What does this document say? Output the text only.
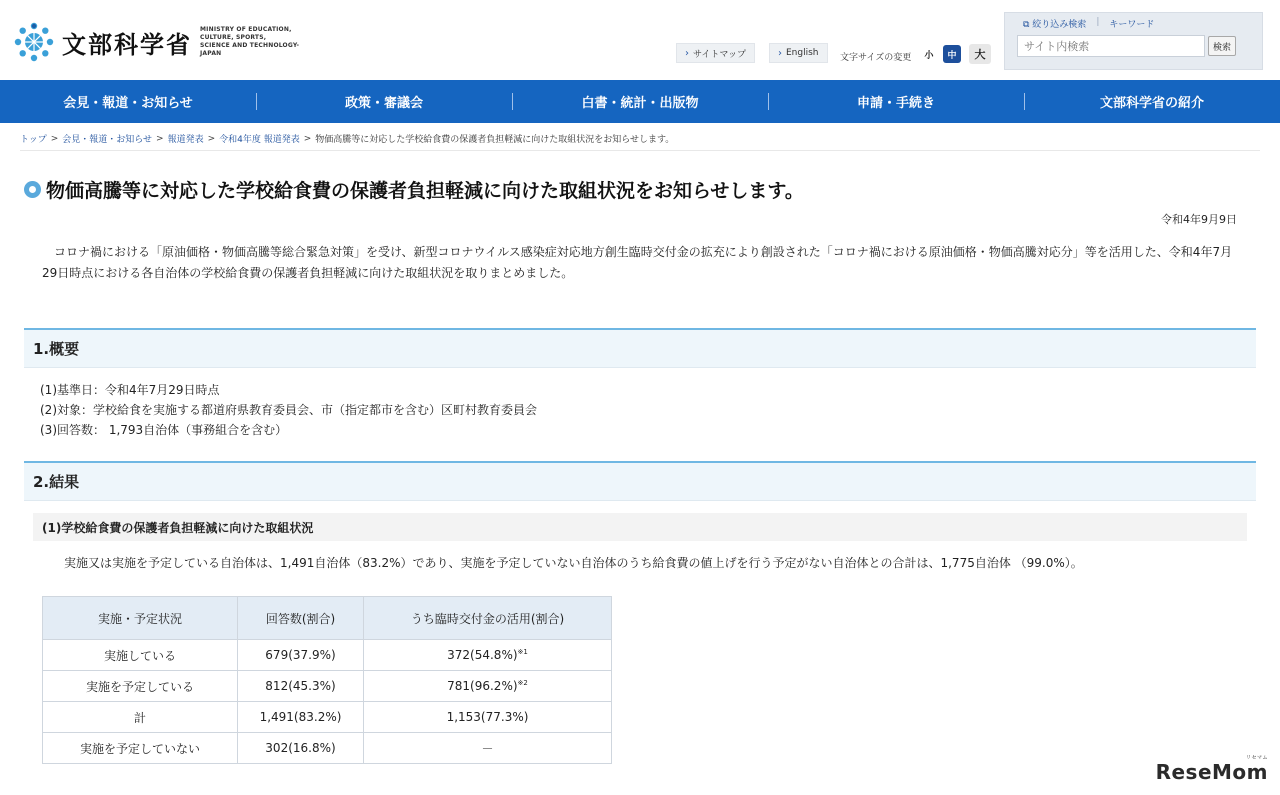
文部科学省
MINISTRY OF EDUCATION,
CULTURE, SPORTS,
SCIENCE AND TECHNOLOGY-JAPAN	› サイトマップ	› English 文字サイズの変更	小	中	大
⧉ 絞り込み検索 | キーワード
サイト内検索
検索
会見・報道・お知らせ	政策・審議会	白書・統計・出版物	申請・手続き	文部科学省の紹介
トップ > 会見・報道・お知らせ > 報道発表 > 令和4年度 報道発表 > 物価高騰等に対応した学校給食費の保護者負担軽減に向けた取組状況をお知らせします。
物価高騰等に対応した学校給食費の保護者負担軽減に向けた取組状況をお知らせします。
令和4年9月9日

コロナ禍における「原油価格・物価高騰等総合緊急対策」を受け、新型コロナウイルス感染症対応地方創生臨時交付金の拡充により創設された「コロナ禍における原油価格・物価高騰対応分」等を活用した、令和4年7月29日時点における各自治体の学校給食費の保護者負担軽減に向けた取組状況を取りまとめました。

1.概要
(1)基準日：令和4年7月29日時点
(2)対象：学校給食を実施する都道府県教育委員会、市（指定都市を含む）区町村教育委員会
(3)回答数： 1,793自治体（事務組合を含む）
2.結果
(1)学校給食費の保護者負担軽減に向けた取組状況
実施又は実施を予定している自治体は、1,491自治体（83.2%）であり、実施を予定していない自治体のうち給食費の値上げを行う予定がない自治体との合計は、1,775自治体 （99.0%）。
実施・予定状況	回答数(割合)	うち臨時交付金の活用(割合)
実施している	679(37.9%)	$372(54.8\%)^{※1}$
実施を予定している	812(45.3%)	$781(96.2\%)^{※2}$
計	1,491(83.2%)	1,153(77.3%)
実施を予定していない	302(16.8%)	－
リセマム
ReseMom
